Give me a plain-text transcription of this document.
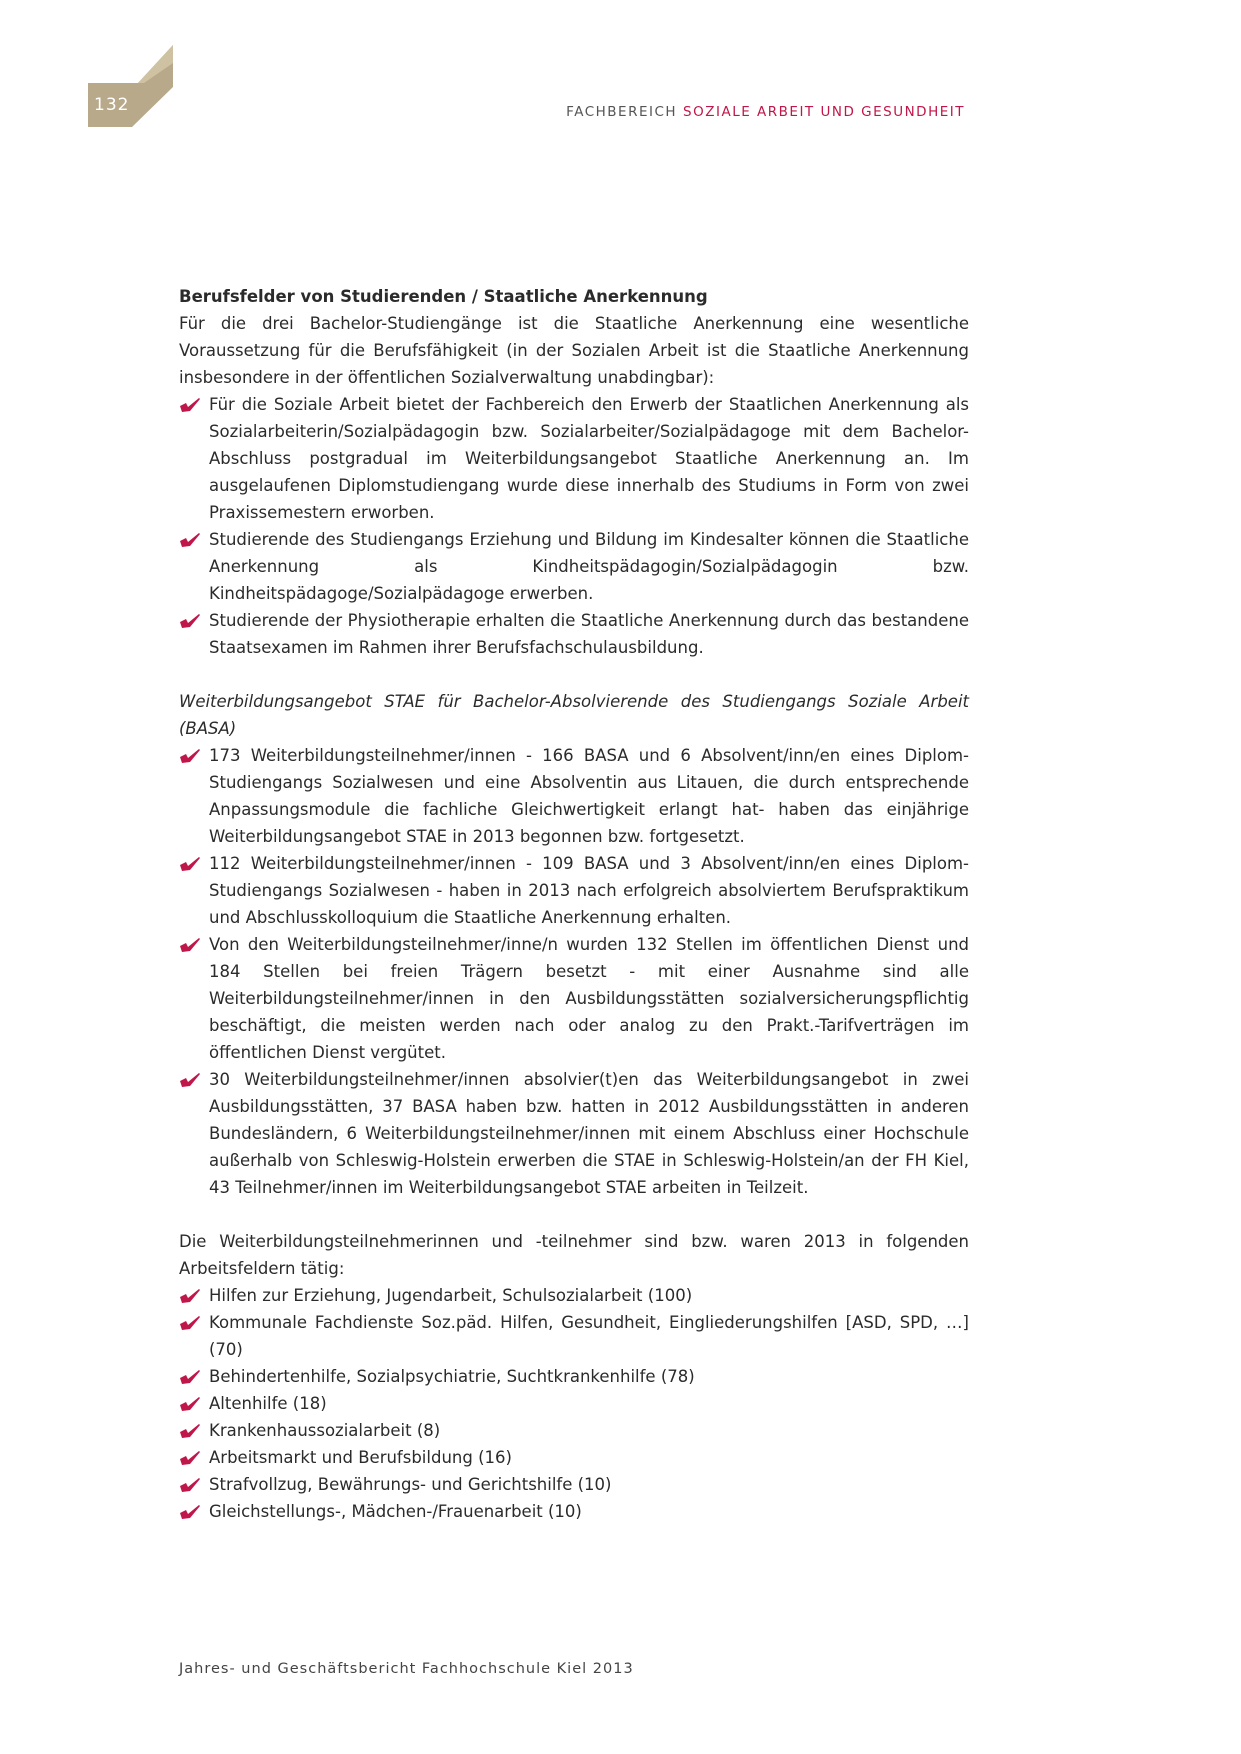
132	FACHBEREICH SOZIALE ARBEIT UND GESUNDHEIT

Berufsfelder von Studierenden / Staatliche Anerkennung

Für die drei Bachelor-Studiengänge ist die Staatliche Anerkennung eine wesentliche Voraussetzung für die Berufsfähigkeit (in der Sozialen Arbeit ist die Staatliche Anerkennung insbesondere in der öffentlichen Sozialverwaltung unabdingbar):

Für die Soziale Arbeit bietet der Fachbereich den Erwerb der Staatlichen Anerkennung als Sozialarbeiterin/Sozialpädagogin bzw. Sozialarbeiter/Sozialpädagoge mit dem Bachelor-Abschluss postgradual im Weiterbildungsangebot Staatliche Anerkennung an. Im ausgelaufenen Diplomstudiengang wurde diese innerhalb des Studiums in Form von zwei Praxissemestern erworben.
Studierende des Studiengangs Erziehung und Bildung im Kindesalter können die Staatliche Anerkennung als Kindheitspädagogin/Sozialpädagogin bzw. Kindheitspädagoge/Sozialpädagoge erwerben.
Studierende der Physiotherapie erhalten die Staatliche Anerkennung durch das bestandene Staatsexamen im Rahmen ihrer Berufsfachschulausbildung.

Weiterbildungsangebot STAE für Bachelor-Absolvierende des Studiengangs Soziale Arbeit (BASA)

173 Weiterbildungsteilnehmer/innen - 166 BASA und 6 Absolvent/inn/en eines Diplom-Studiengangs Sozialwesen und eine Absolventin aus Litauen, die durch entsprechende Anpassungsmodule die fachliche Gleichwertigkeit erlangt hat- haben das einjährige Weiterbildungsangebot STAE in 2013 begonnen bzw. fortgesetzt.
112 Weiterbildungsteilnehmer/innen - 109 BASA und 3 Absolvent/inn/en eines Diplom-Studiengangs Sozialwesen - haben in 2013 nach erfolgreich absolviertem Berufspraktikum und Abschlusskolloquium die Staatliche Anerkennung erhalten.
Von den Weiterbildungsteilnehmer/inne/n wurden 132 Stellen im öffentlichen Dienst und 184 Stellen bei freien Trägern besetzt - mit einer Ausnahme sind alle Weiterbildungsteilnehmer/innen in den Ausbildungsstätten sozialversicherungspflichtig beschäftigt, die meisten werden nach oder analog zu den Prakt.-Tarifverträgen im öffentlichen Dienst vergütet.
30 Weiterbildungsteilnehmer/innen absolvier(t)en das Weiterbildungsangebot in zwei Ausbildungsstätten, 37 BASA haben bzw. hatten in 2012 Ausbildungsstätten in anderen Bundesländern, 6 Weiterbildungsteilnehmer/innen mit einem Abschluss einer Hochschule außerhalb von Schleswig-Holstein erwerben die STAE in Schleswig-Holstein/an der FH Kiel, 43 Teilnehmer/innen im Weiterbildungsangebot STAE arbeiten in Teilzeit.

Die Weiterbildungsteilnehmerinnen und -teilnehmer sind bzw. waren 2013 in folgenden Arbeitsfeldern tätig:

Hilfen zur Erziehung, Jugendarbeit, Schulsozialarbeit (100)
Kommunale Fachdienste Soz.päd. Hilfen, Gesundheit, Eingliederungshilfen [ASD, SPD, …] (70)
Behindertenhilfe, Sozialpsychiatrie, Suchtkrankenhilfe (78)
Altenhilfe (18)
Krankenhaussozialarbeit (8)
Arbeitsmarkt und Berufsbildung (16)
Strafvollzug, Bewährungs- und Gerichtshilfe (10)
Gleichstellungs-, Mädchen-/Frauenarbeit (10)
Jahres- und Geschäftsbericht Fachhochschule Kiel 2013
